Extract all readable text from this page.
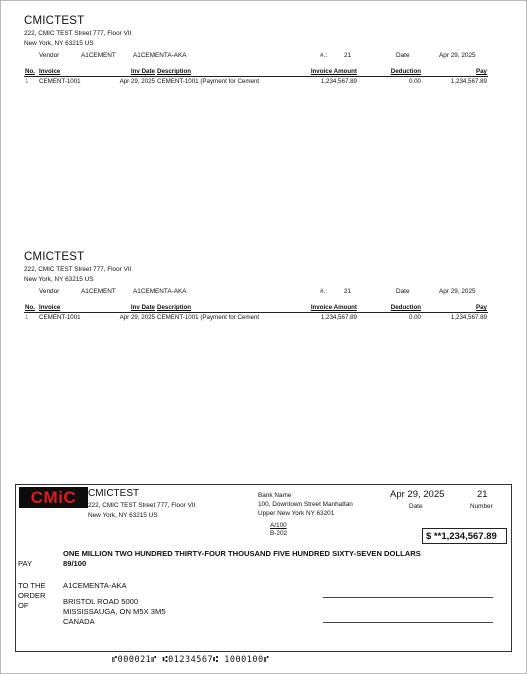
CMICTEST
222, CMIC TEST Street 777, Floor VII
New York, NY 63215 US
Vendor	A1CEMENT	A1CEMENTA-AKA	#.:	21	Date	Apr 29, 2025
No.	Invoice	Inv Date	Description	Invoice Amount	Deduction	Pay
1	CEMENT-1001	Apr 29, 2025	CEMENT-1001 (Payment for Cement	1,234,567.89	0.00	1,234,567.89
CMICTEST
222, CMIC TEST Street 777, Floor VII
New York, NY 63215 US
Vendor	A1CEMENT	A1CEMENTA-AKA	#.:	21	Date	Apr 29, 2025
No.	Invoice	Inv Date	Description	Invoice Amount	Deduction	Pay
1	CEMENT-1001	Apr 29, 2025	CEMENT-1001 (Payment for Cement	1,234,567.89	0.00	1,234,567.89
CMiC CMICTEST
222, CMIC TEST Street 777, Floor VII
New York, NY 63215 US
Bank Name
100, Downtown Street Manhattan
Upper New York NY 63201
A/100
B-202
Apr 29, 2025
Date
21
Number
$ **1,234,567.89
ONE MILLION TWO HUNDRED THIRTY-FOUR THOUSAND FIVE HUNDRED SIXTY-SEVEN DOLLARS
89/100
PAY
TO THE
ORDER
OF
A1CEMENTA-AKA
BRISTOL ROAD 5000
MISSISSAUGA, ON M5X 3M5
CANADA
⑈000021⑈ ⑆01234567⑆ 1000100⑈
